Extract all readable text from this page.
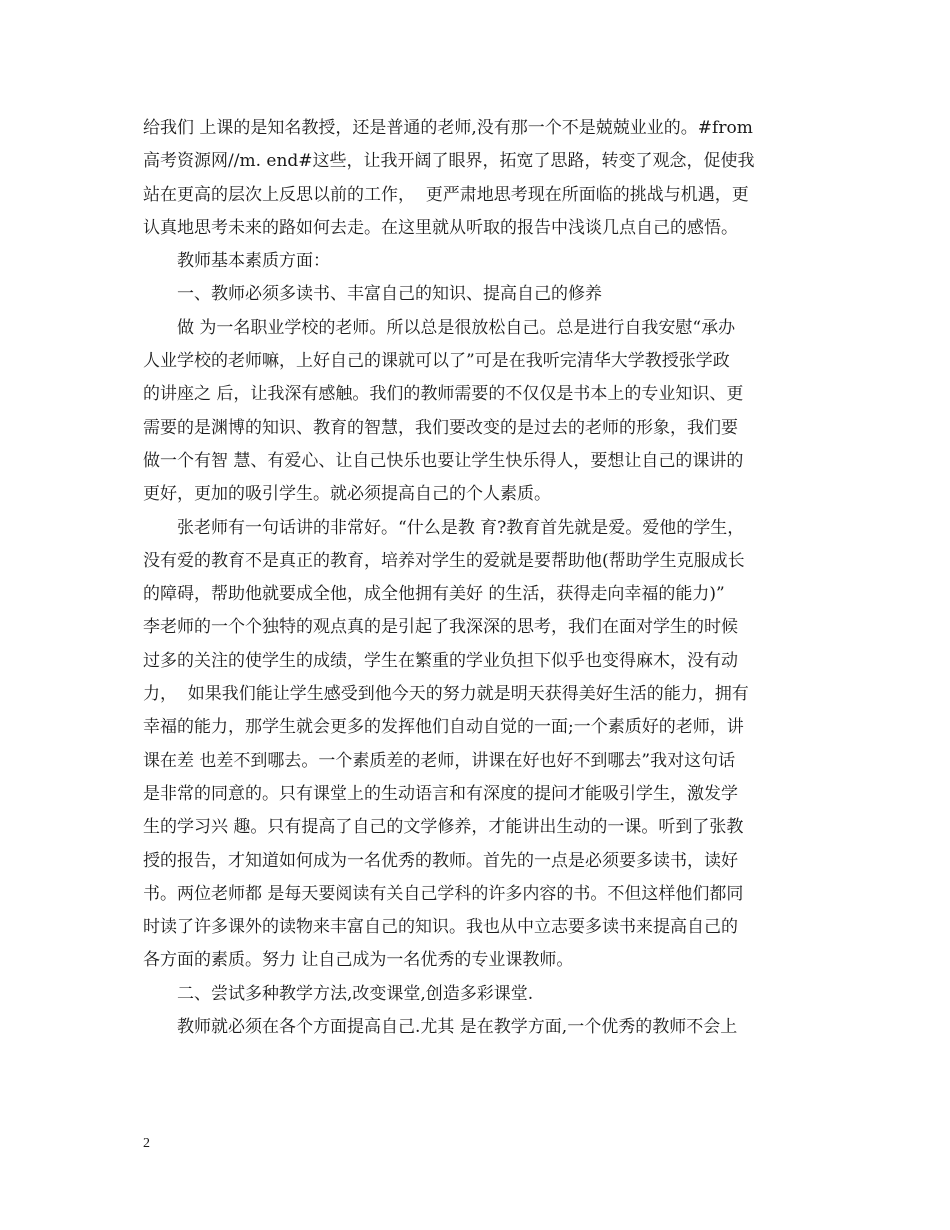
给我们 上课的是知名教授，还是普通的老师,没有那一个不是兢兢业业的。#from
高考资源网//m. end#这些，让我开阔了眼界，拓宽了思路，转变了观念，促使我
站在更高的层次上反思以前的工作，  更严肃地思考现在所面临的挑战与机遇，更
认真地思考未来的路如何去走。在这里就从听取的报告中浅谈几点自己的感悟。
教师基本素质方面：
一、教师必须多读书、丰富自己的知识、提高自己的修养
做 为一名职业学校的老师。所以总是很放松自己。总是进行自我安慰“承办
人业学校的老师嘛，上好自己的课就可以了”可是在我听完清华大学教授张学政
的讲座之 后，让我深有感触。我们的教师需要的不仅仅是书本上的专业知识、更
需要的是渊博的知识、教育的智慧，我们要改变的是过去的老师的形象，我们要
做一个有智 慧、有爱心、让自己快乐也要让学生快乐得人，要想让自己的课讲的
更好，更加的吸引学生。就必须提高自己的个人素质。
张老师有一句话讲的非常好。“什么是教 育?教育首先就是爱。爱他的学生，
没有爱的教育不是真正的教育，培养对学生的爱就是要帮助他(帮助学生克服成长
的障碍，帮助他就要成全他，成全他拥有美好 的生活，获得走向幸福的能力)”
李老师的一个个独特的观点真的是引起了我深深的思考，我们在面对学生的时候
过多的关注的使学生的成绩，学生在繁重的学业负担下似乎也变得麻木，没有动
力，  如果我们能让学生感受到他今天的努力就是明天获得美好生活的能力，拥有
幸福的能力，那学生就会更多的发挥他们自动自觉的一面;一个素质好的老师，讲
课在差 也差不到哪去。一个素质差的老师，讲课在好也好不到哪去”我对这句话
是非常的同意的。只有课堂上的生动语言和有深度的提问才能吸引学生，激发学
生的学习兴 趣。只有提高了自己的文学修养，才能讲出生动的一课。听到了张教
授的报告，才知道如何成为一名优秀的教师。首先的一点是必须要多读书，读好
书。两位老师都 是每天要阅读有关自己学科的许多内容的书。不但这样他们都同
时读了许多课外的读物来丰富自己的知识。我也从中立志要多读书来提高自己的
各方面的素质。努力 让自己成为一名优秀的专业课教师。
二、尝试多种教学方法,改变课堂,创造多彩课堂.
教师就必须在各个方面提高自己.尤其 是在教学方面,一个优秀的教师不会上
2
